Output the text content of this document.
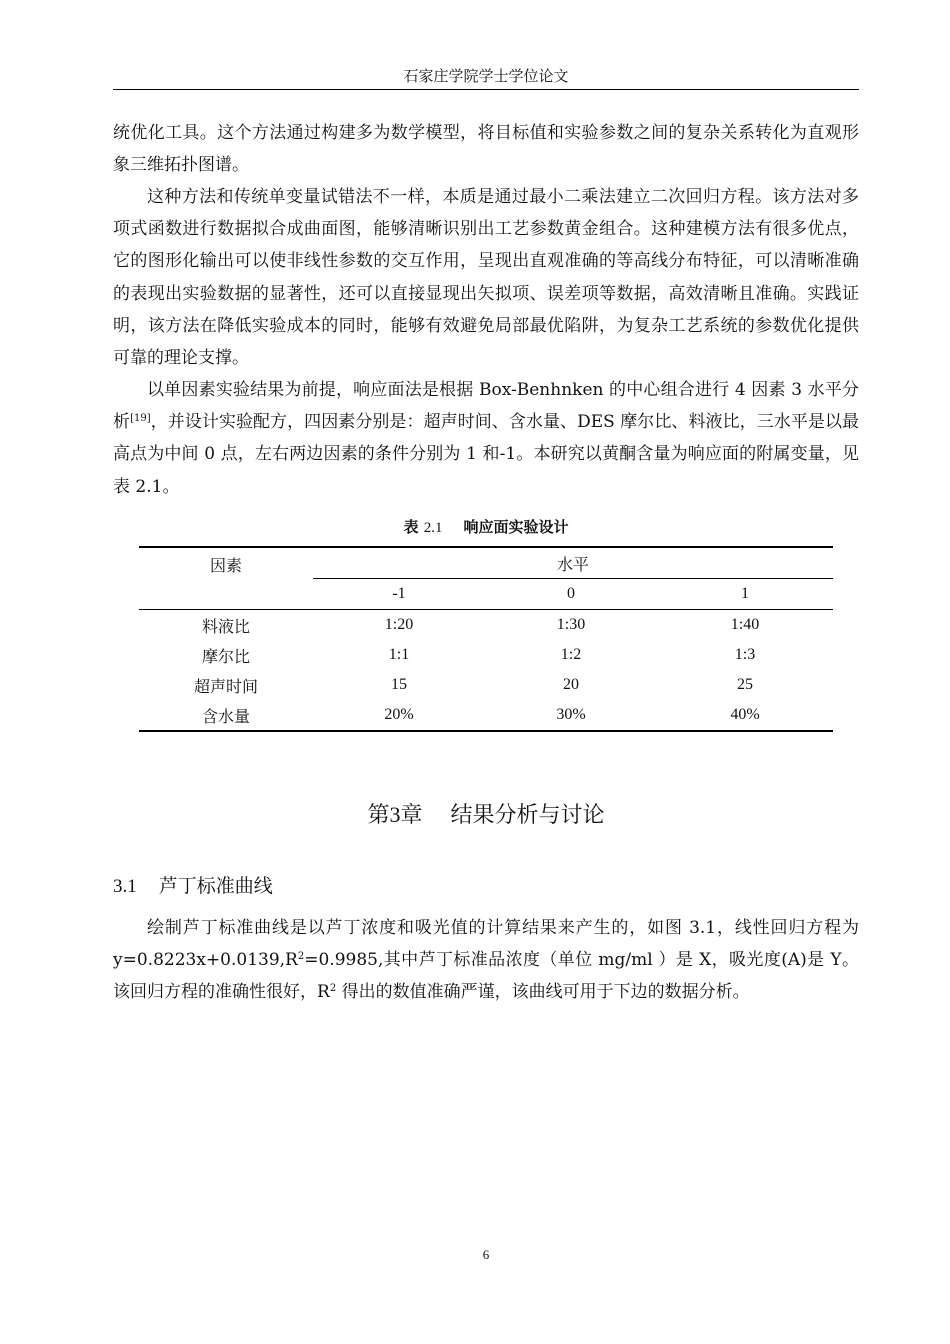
石家庄学院学士学位论文

统优化工具。这个方法通过构建多为数学模型，将目标值和实验参数之间的复杂关系转化为直观形象三维拓扑图谱。

这种方法和传统单变量试错法不一样，本质是通过最小二乘法建立二次回归方程。该方法对多项式函数进行数据拟合成曲面图，能够清晰识别出工艺参数黄金组合。这种建模方法有很多优点，它的图形化输出可以使非线性参数的交互作用，呈现出直观准确的等高线分布特征，可以清晰准确的表现出实验数据的显著性，还可以直接显现出矢拟项、误差项等数据，高效清晰且准确。实践证明，该方法在降低实验成本的同时，能够有效避免局部最优陷阱，为复杂工艺系统的参数优化提供可靠的理论支撑。

以单因素实验结果为前提，响应面法是根据 Box-Benhnken 的中心组合进行 4 因素 3 水平分析[19]，并设计实验配方，四因素分别是：超声时间、含水量、DES 摩尔比、料液比，三水平是以最高点为中间 0 点，左右两边因素的条件分别为 1 和-1。本研究以黄酮含量为响应面的附属变量，见表 2.1。

表 2.1 响应面实验设计
因素	水平		
	-1	0	1
料液比	1:20	1:30	1:40
摩尔比	1:1	1:2	1:3
超声时间	15	20	25
含水量	20%	30%	40%
第3章 结果分析与讨论
3.1 芦丁标准曲线

绘制芦丁标准曲线是以芦丁浓度和吸光值的计算结果来产生的，如图 3.1，线性回归方程为 $y=0.8223x+0.0139,R^2=0.9985$,其中芦丁标准品浓度（单位 mg/ml ）是 X，吸光度(A)是 Y。该回归方程的准确性很好，$R^2$ 得出的数值准确严谨，该曲线可用于下边的数据分析。

6
